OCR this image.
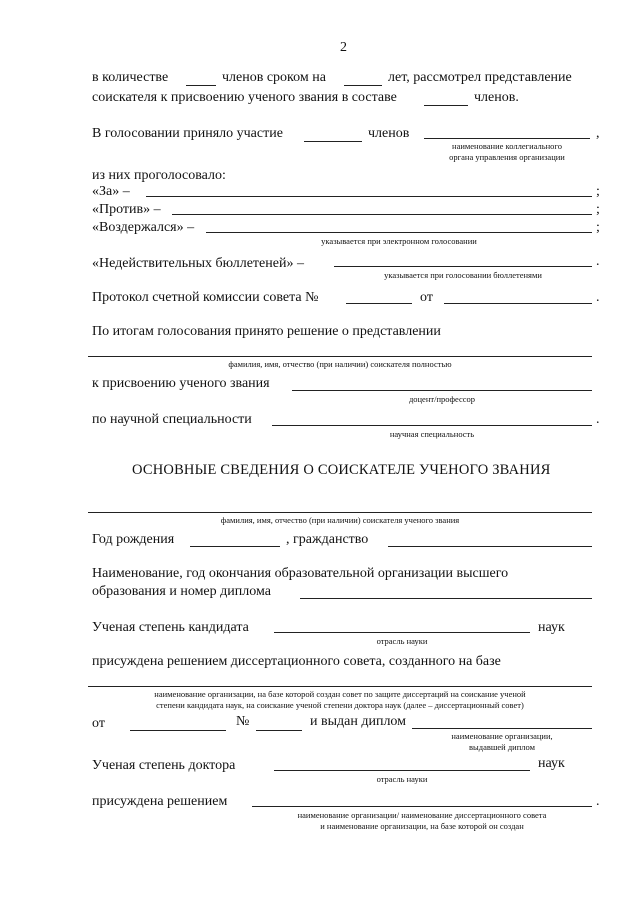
2
в количестве	членов сроком на	лет, рассмотрел представление
соискателя к присвоению ученого звания в составе	членов.
В голосовании приняло участие	членов	,
наименование коллегиального
органа управления организации
из них проголосовало:
«За» –	;
«Против» –	;
«Воздержался» –	;
указывается при электронном голосовании
«Недействительных бюллетеней» –	.
указывается при голосовании бюллетенями
Протокол счетной комиссии совета №	от	.
По итогам голосования принято решение о представлении
фамилия, имя, отчество (при наличии) соискателя полностью
к присвоению ученого звания
доцент/профессор
по научной специальности	.
научная специальность
ОСНОВНЫЕ СВЕДЕНИЯ О СОИСКАТЕЛЕ УЧЕНОГО ЗВАНИЯ
фамилия, имя, отчество (при наличии) соискателя ученого звания
Год рождения	, гражданство
Наименование, год окончания образовательной организации высшего
образования и номер диплома
Ученая степень кандидата	наук
отрасль науки
присуждена решением диссертационного совета, созданного на базе
наименование организации, на базе которой создан совет по защите диссертаций на соискание ученой
степени кандидата наук, на соискание ученой степени доктора наук (далее – диссертационный совет)
от	№	и выдан диплом
наименование организации,
выдавшей диплом
Ученая степень доктора	наук
отрасль науки
присуждена решением	.
наименование организации/ наименование диссертационного совета
и наименование организации, на базе которой он создан
